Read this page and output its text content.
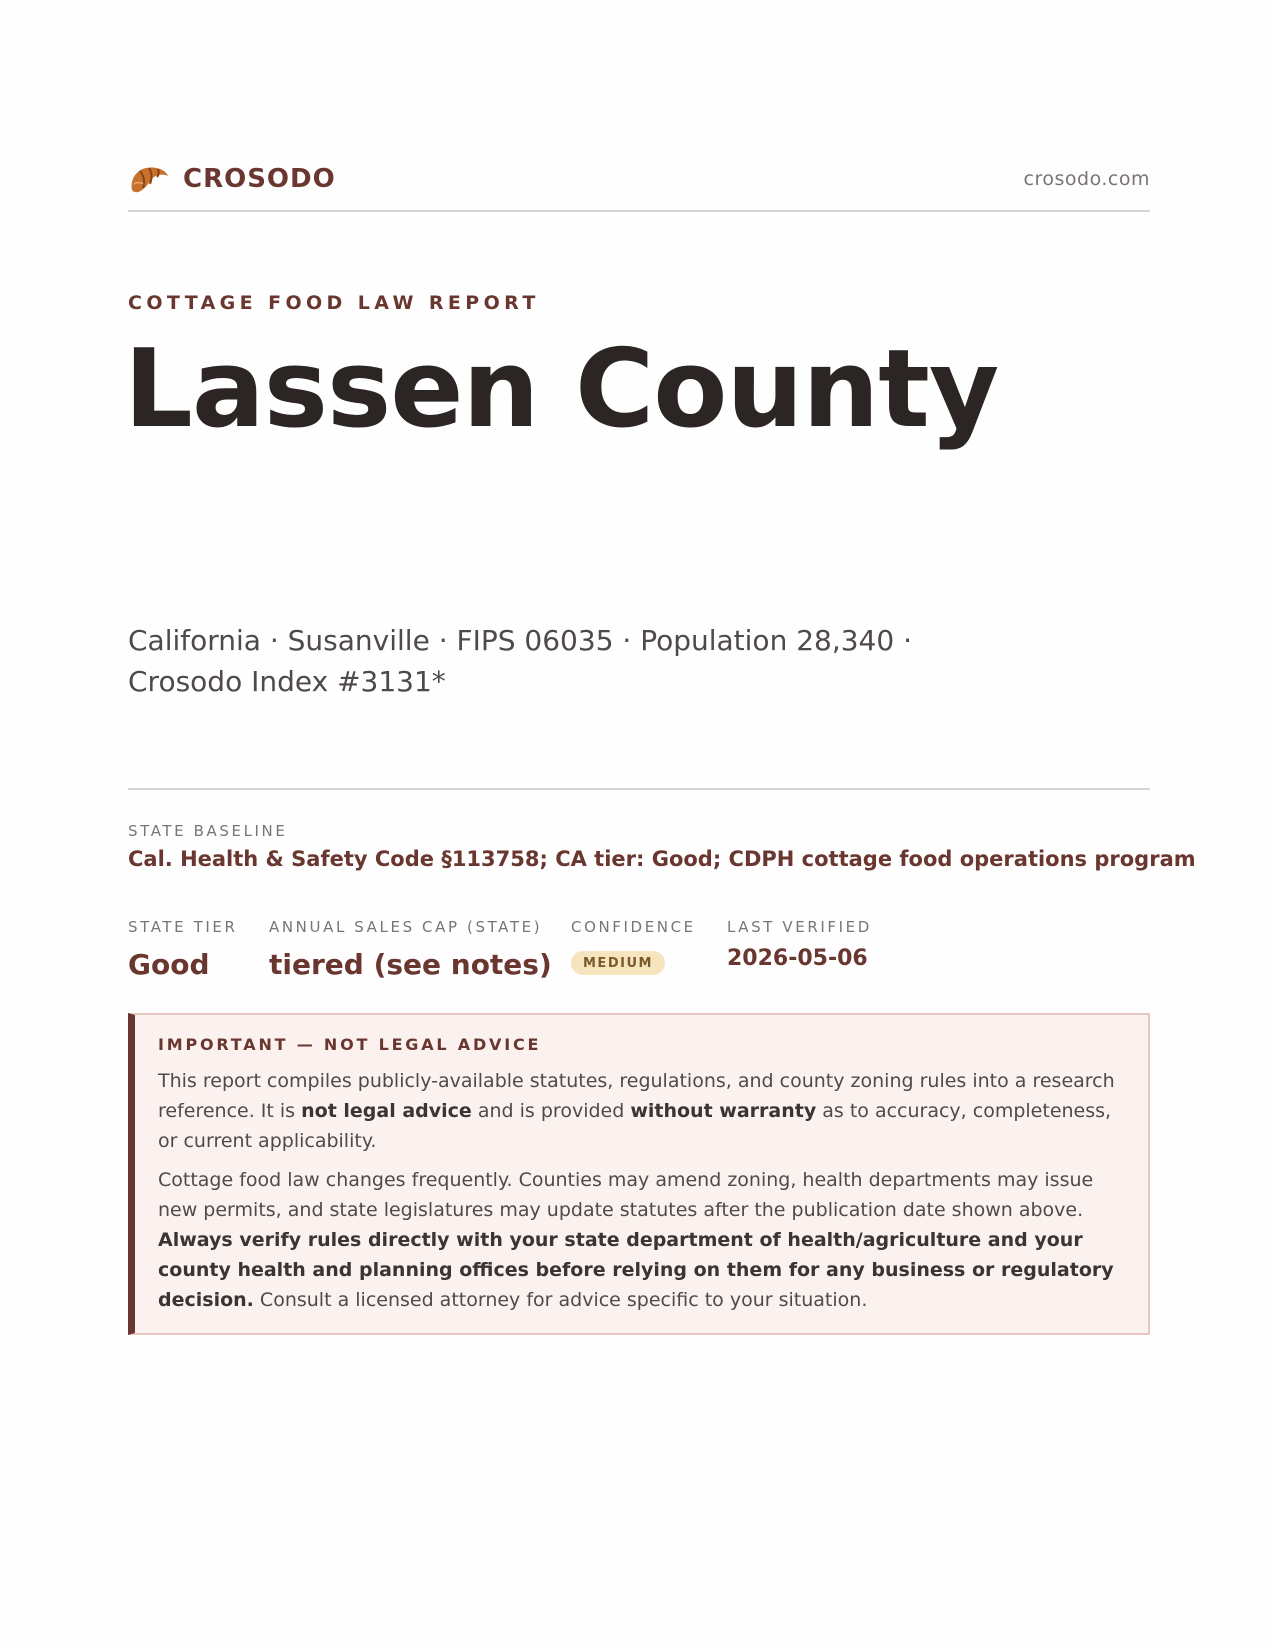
CROSODO	crosodo.com
COTTAGE FOOD LAW REPORT
Lassen County
California · Susanville · FIPS 06035 · Population 28,340 ·
Crosodo Index #3131*
STATE BASELINE
Cal. Health & Safety Code §113758; CA tier: Good; CDPH cottage food operations program
STATE TIER
Good
ANNUAL SALES CAP (STATE)
tiered (see notes)
CONFIDENCE
MEDIUM
LAST VERIFIED
2026-05-06
IMPORTANT — NOT LEGAL ADVICE

This report compiles publicly-available statutes, regulations, and county zoning rules into a research reference. It is not legal advice and is provided without warranty as to accuracy, completeness, or current applicability.

Cottage food law changes frequently. Counties may amend zoning, health departments may issue new permits, and state legislatures may update statutes after the publication date shown above. Always verify rules directly with your state department of health/agriculture and your county health and planning offices before relying on them for any business or regulatory decision. Consult a licensed attorney for advice specific to your situation.
